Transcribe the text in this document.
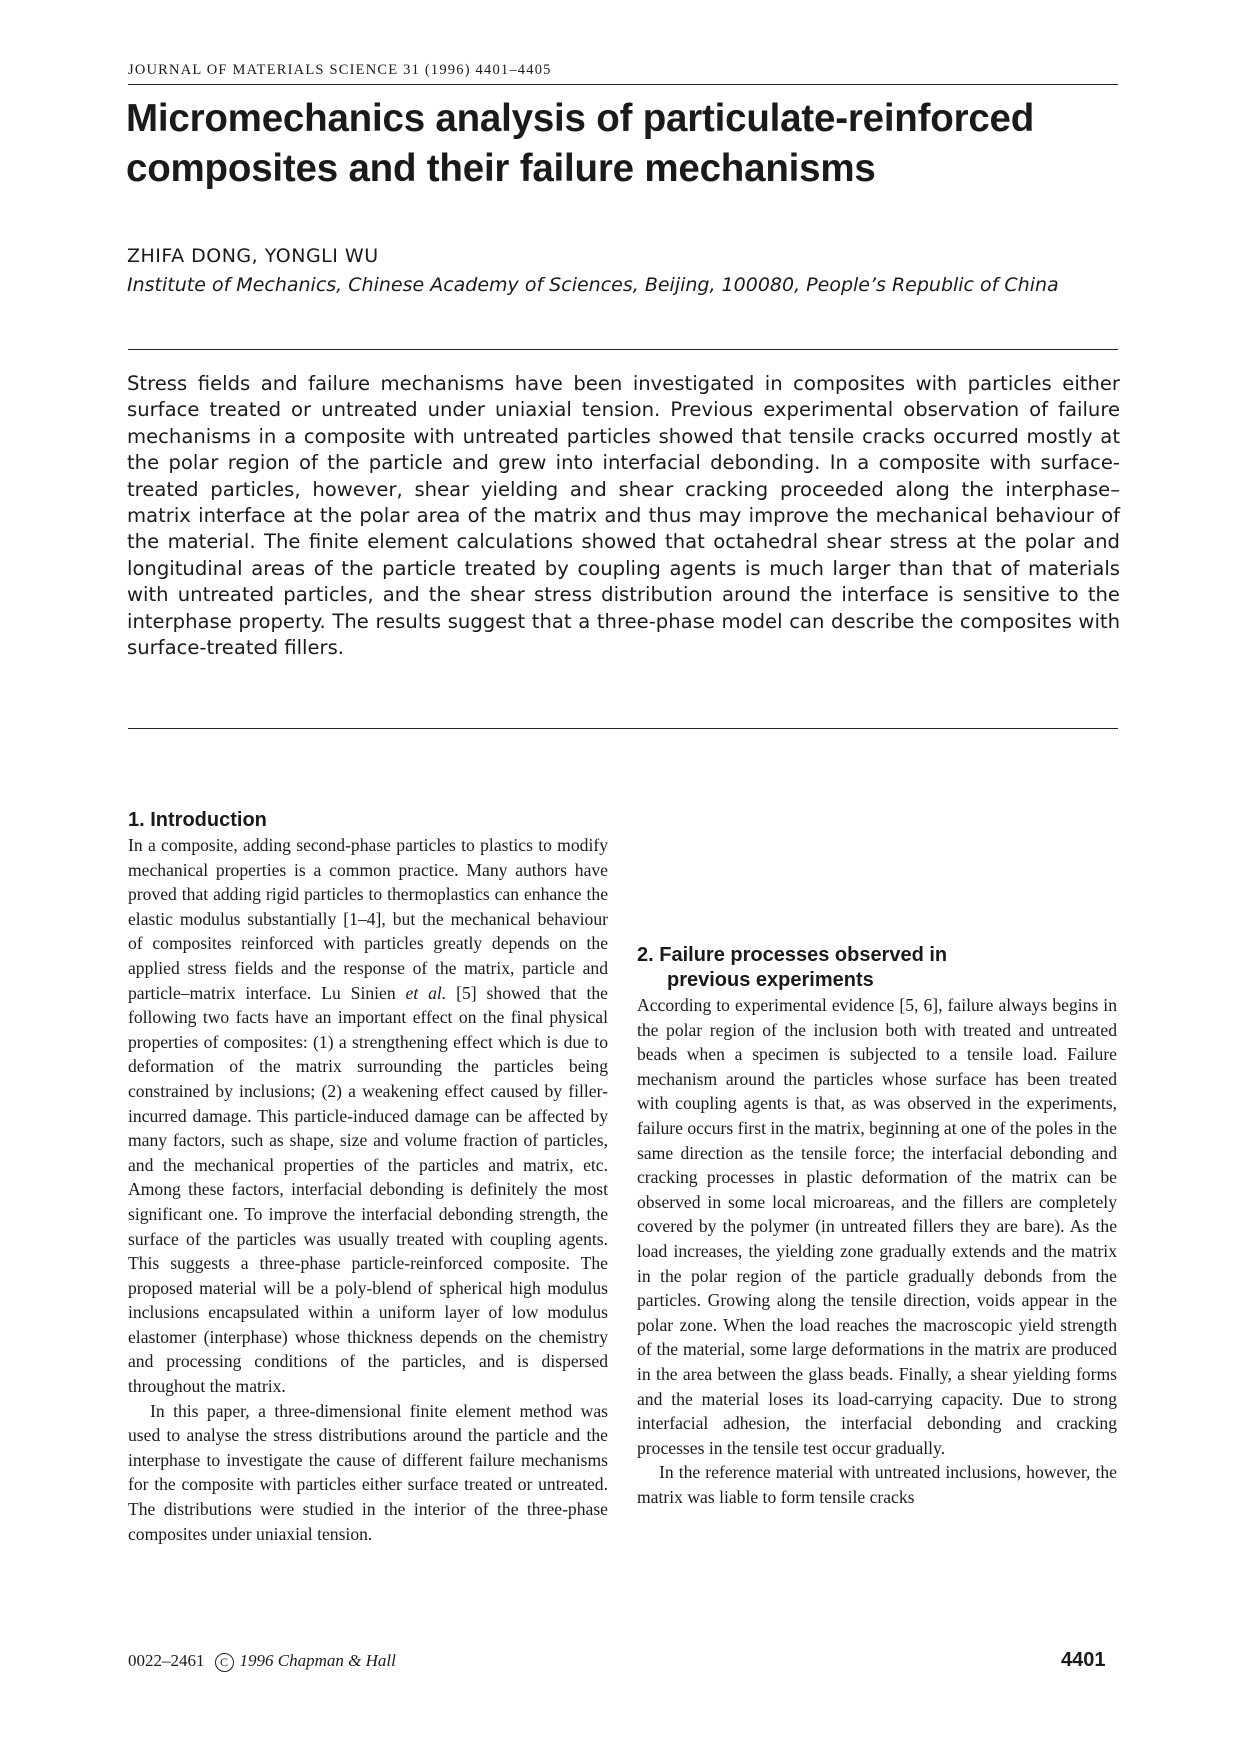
JOURNAL OF MATERIALS SCIENCE 31 (1996) 4401–4405
Micromechanics analysis of particulate-reinforced composites and their failure mechanisms
ZHIFA DONG, YONGLI WU
Institute of Mechanics, Chinese Academy of Sciences, Beijing, 100080, People’s Republic of China

Stress fields and failure mechanisms have been investigated in composites with particles either surface treated or untreated under uniaxial tension. Previous experimental observation of failure mechanisms in a composite with untreated particles showed that tensile cracks occurred mostly at the polar region of the particle and grew into interfacial debonding. In a composite with surface-treated particles, however, shear yielding and shear cracking proceeded along the interphase–matrix interface at the polar area of the matrix and thus may improve the mechanical behaviour of the material. The finite element calculations showed that octahedral shear stress at the polar and longitudinal areas of the particle treated by coupling agents is much larger than that of materials with untreated particles, and the shear stress distribution around the interface is sensitive to the interphase property. The results suggest that a three-phase model can describe the composites with surface-treated fillers.

1. Introduction

In a composite, adding second-phase particles to plastics to modify mechanical properties is a common practice. Many authors have proved that adding rigid particles to thermoplastics can enhance the elastic modulus substantially [1–4], but the mechanical behaviour of composites reinforced with particles greatly depends on the applied stress fields and the response of the matrix, particle and particle–matrix interface. Lu Sinien et al. [5] showed that the following two facts have an important effect on the final physical properties of composites: (1) a strengthening effect which is due to deformation of the matrix surrounding the particles being constrained by inclusions; (2) a weakening effect caused by filler-incurred damage. This particle-induced damage can be affected by many factors, such as shape, size and volume fraction of particles, and the mechanical properties of the particles and matrix, etc. Among these factors, interfacial debonding is definitely the most significant one. To improve the interfacial debonding strength, the surface of the particles was usually treated with coupling agents. This suggests a three-phase particle-reinforced composite. The proposed material will be a poly-blend of spherical high modulus inclusions encapsulated within a uniform layer of low modulus elastomer (interphase) whose thickness depends on the chemistry and processing conditions of the particles, and is dispersed throughout the matrix.

In this paper, a three-dimensional finite element method was used to analyse the stress distributions around the particle and the interphase to investigate the cause of different failure mechanisms for the composite with particles either surface treated or untreated. The distributions were studied in the interior of the three-phase composites under uniaxial tension.

2. Failure processes observed in
previous experiments

According to experimental evidence [5, 6], failure always begins in the polar region of the inclusion both with treated and untreated beads when a specimen is subjected to a tensile load. Failure mechanism around the particles whose surface has been treated with coupling agents is that, as was observed in the experiments, failure occurs first in the matrix, beginning at one of the poles in the same direction as the tensile force; the interfacial debonding and cracking processes in plastic deformation of the matrix can be observed in some local microareas, and the fillers are completely covered by the polymer (in untreated fillers they are bare). As the load increases, the yielding zone gradually extends and the matrix in the polar region of the particle gradually debonds from the particles. Growing along the tensile direction, voids appear in the polar zone. When the load reaches the macroscopic yield strength of the material, some large deformations in the matrix are produced in the area between the glass beads. Finally, a shear yielding forms and the material loses its load-carrying capacity. Due to strong interfacial adhesion, the interfacial debonding and cracking processes in the tensile test occur gradually.

In the reference material with untreated inclusions, however, the matrix was liable to form tensile cracks

0022–2461 C 1996 Chapman & Hall	4401
